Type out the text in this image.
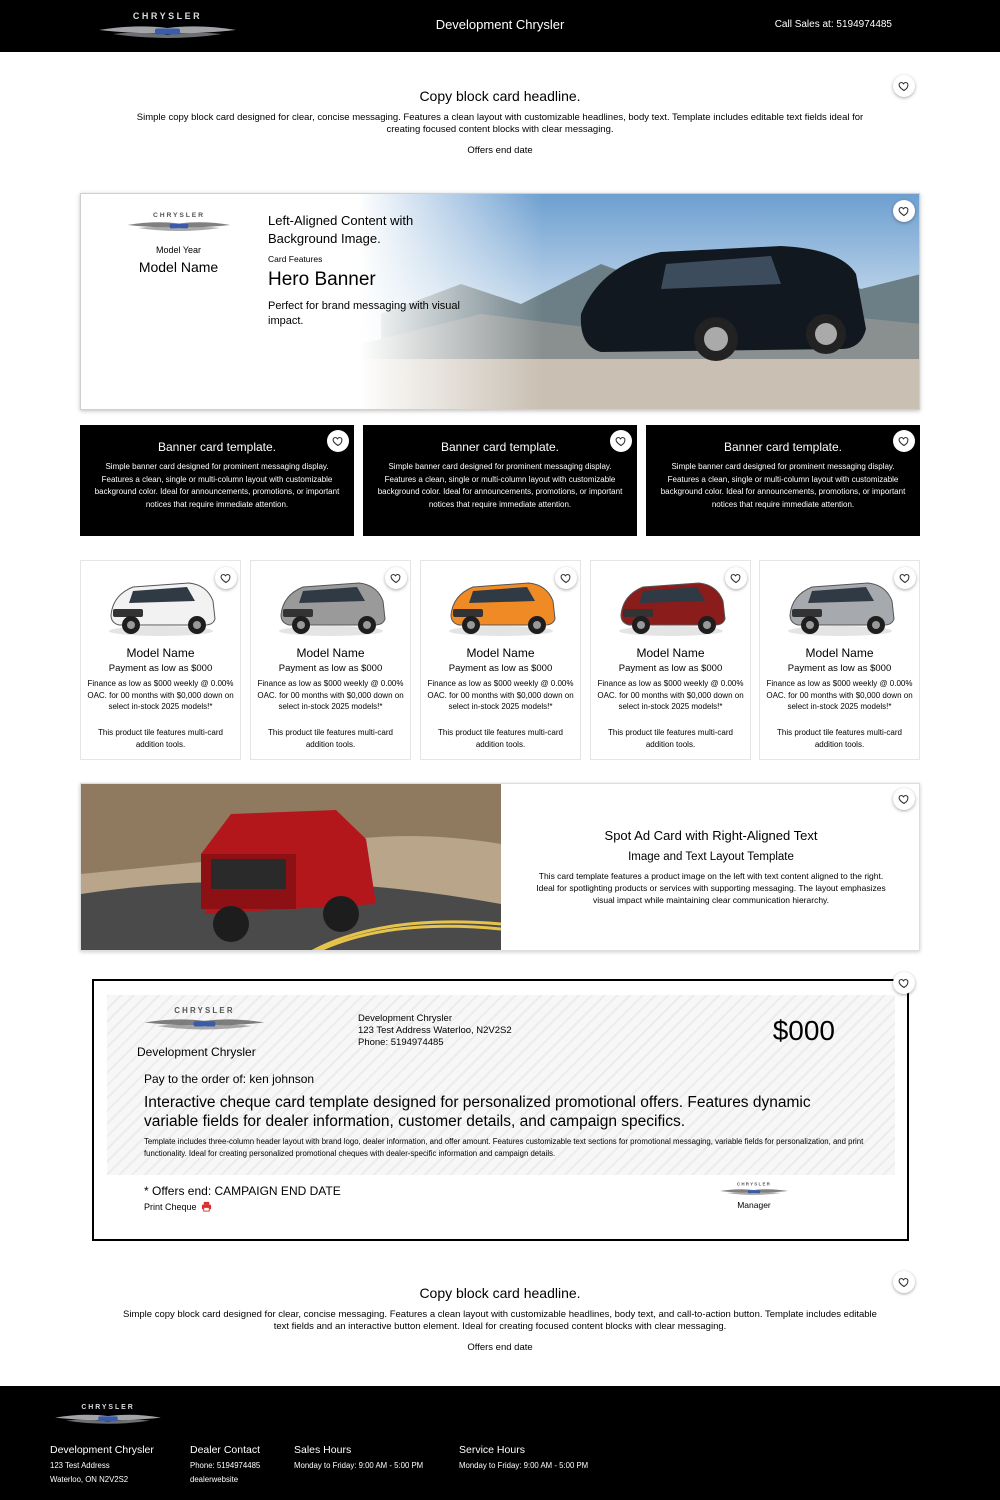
Development Chrysler	Call Sales at: 5194974485
Copy block card headline.

Simple copy block card designed for clear, concise messaging. Features a clean layout with customizable headlines, body text. Template includes editable text fields ideal for creating focused content blocks with clear messaging.

Offers end date
Model Year
Model Name
Left-Aligned Content with Background Image.
Card Features
Hero Banner
Perfect for brand messaging with visual impact.
Banner card template.

Simple banner card designed for prominent messaging display. Features a clean, single or multi-column layout with customizable background color. Ideal for announcements, promotions, or important notices that require immediate attention.

Banner card template.

Simple banner card designed for prominent messaging display. Features a clean, single or multi-column layout with customizable background color. Ideal for announcements, promotions, or important notices that require immediate attention.

Banner card template.

Simple banner card designed for prominent messaging display. Features a clean, single or multi-column layout with customizable background color. Ideal for announcements, promotions, or important notices that require immediate attention.

Model Name
Payment as low as $000
Finance as low as $000 weekly @ 0.00% OAC. for 00 months with $0,000 down on select in-stock 2025 models!*
This product tile features multi-card addition tools.
Model Name
Payment as low as $000
Finance as low as $000 weekly @ 0.00% OAC. for 00 months with $0,000 down on select in-stock 2025 models!*
This product tile features multi-card addition tools.
Model Name
Payment as low as $000
Finance as low as $000 weekly @ 0.00% OAC. for 00 months with $0,000 down on select in-stock 2025 models!*
This product tile features multi-card addition tools.
Model Name
Payment as low as $000
Finance as low as $000 weekly @ 0.00% OAC. for 00 months with $0,000 down on select in-stock 2025 models!*
This product tile features multi-card addition tools.
Model Name
Payment as low as $000
Finance as low as $000 weekly @ 0.00% OAC. for 00 months with $0,000 down on select in-stock 2025 models!*
This product tile features multi-card addition tools.
Spot Ad Card with Right-Aligned Text
Image and Text Layout Template

This card template features a product image on the left with text content aligned to the right. Ideal for spotlighting products or services with supporting messaging. The layout emphasizes visual impact while maintaining clear communication hierarchy.

Development Chrysler
Development Chrysler
123 Test Address Waterloo, N2V2S2
Phone: 5194974485	$000
Pay to the order of: ken johnson
Interactive cheque card template designed for personalized promotional offers. Features dynamic variable fields for dealer information, customer details, and campaign specifics.
Template includes three-column header layout with brand logo, dealer information, and offer amount. Features customizable text sections for promotional messaging, variable fields for personalization, and print functionality. Ideal for creating personalized promotional cheques with dealer-specific information and campaign details.
* Offers end: CAMPAIGN END DATE
Print Cheque	Manager
Copy block card headline.

Simple copy block card designed for clear, concise messaging. Features a clean layout with customizable headlines, body text, and call-to-action button. Template includes editable text fields and an interactive button element. Ideal for creating focused content blocks with clear messaging.

Offers end date
Development Chrysler
123 Test Address
Waterloo, ON N2V2S2
Dealer Contact
Phone: 5194974485
dealerwebsite
Sales Hours
Monday to Friday: 9:00 AM - 5:00 PM
Service Hours
Monday to Friday: 9:00 AM - 5:00 PM
